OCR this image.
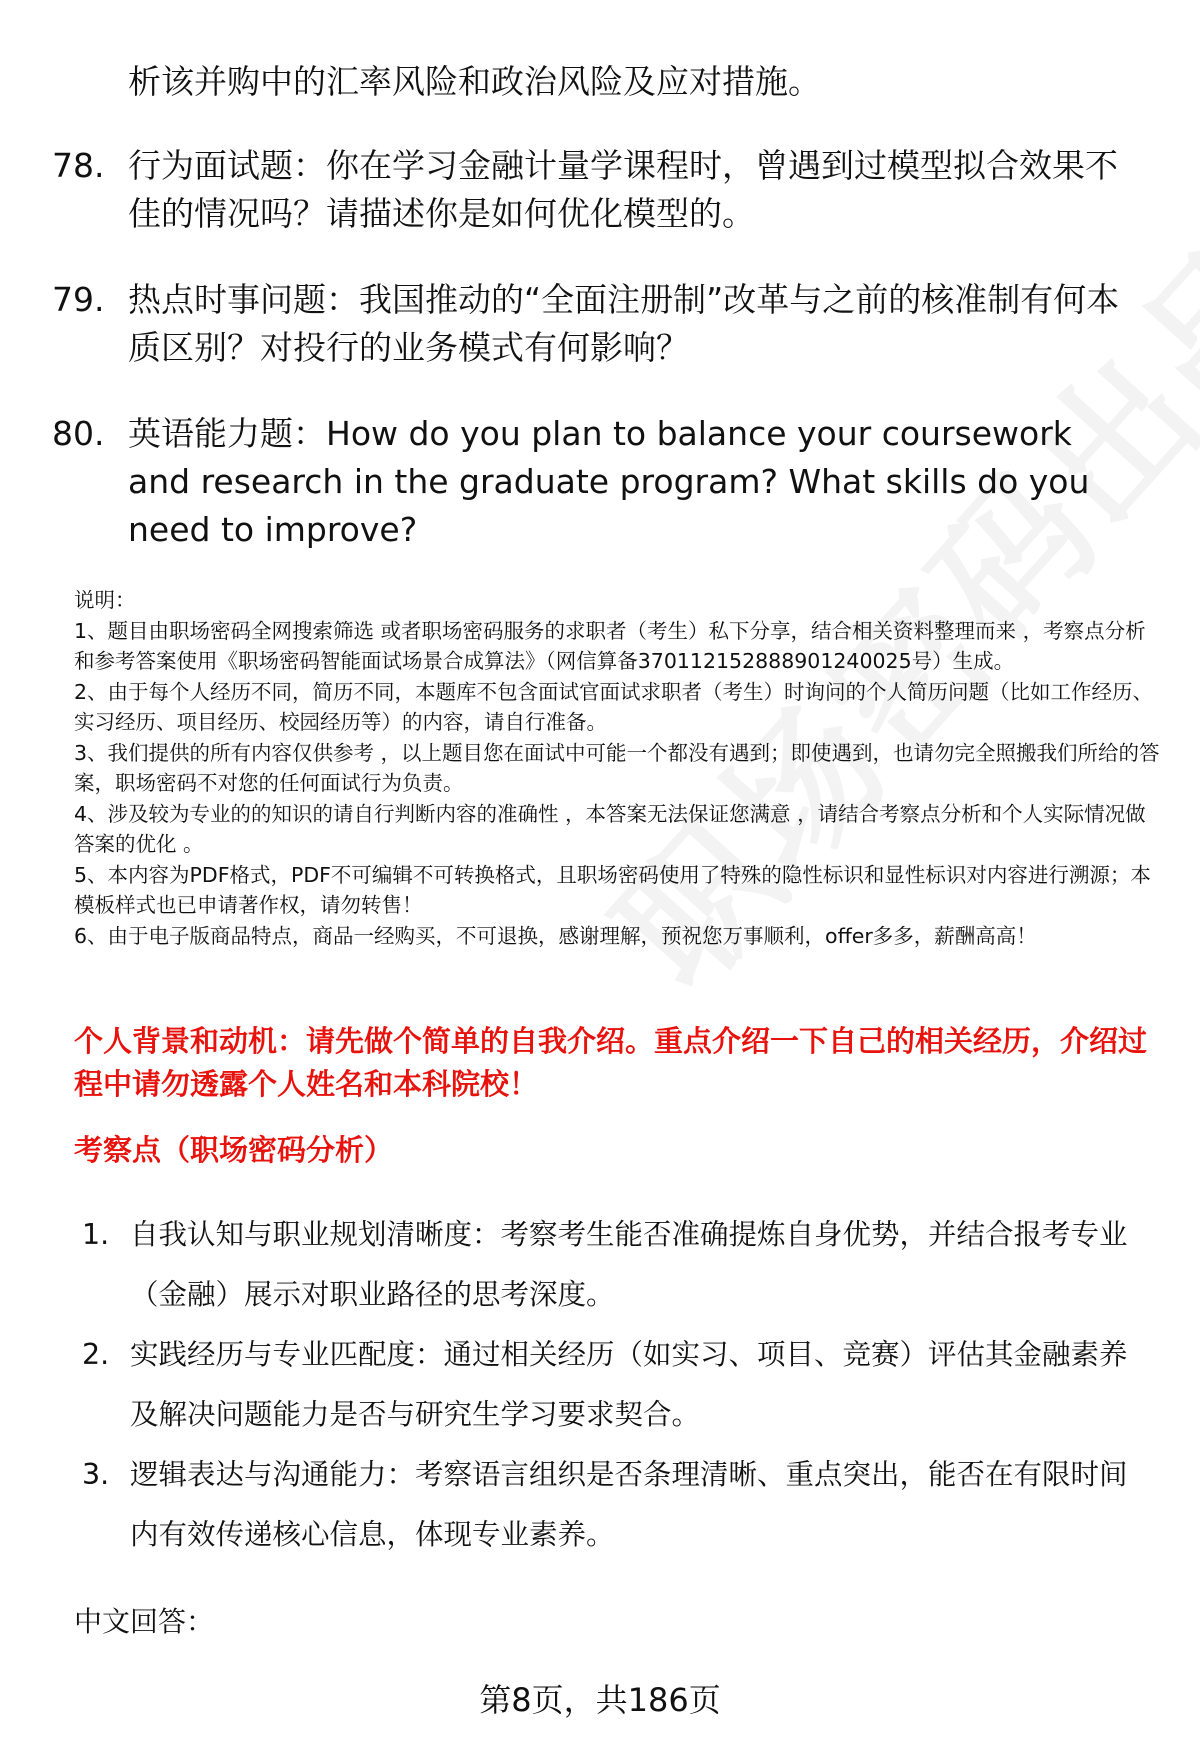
析该并购中的汇率风险和政治风险及应对措施。
78. 行为面试题：你在学习金融计量学课程时，曾遇到过模型拟合效果不佳的情况吗？请描述你是如何优化模型的。
79. 热点时事问题：我国推动的“全面注册制”改革与之前的核准制有何本质区别？对投行的业务模式有何影响？
80. 英语能力题：How do you plan to balance your coursework and research in the graduate program? What skills do you need to improve?

说明：

1、题目由职场密码全网搜索筛选 或者职场密码服务的求职者（考生）私下分享，结合相关资料整理而来 ，考察点分析和参考答案使用《职场密码智能面试场景合成算法》（网信算备370112152888901240025号）生成。

2、由于每个人经历不同，简历不同，本题库不包含面试官面试求职者（考生）时询问的个人简历问题（比如工作经历、实习经历、项目经历、校园经历等）的内容，请自行准备。

3、我们提供的所有内容仅供参考 ，以上题目您在面试中可能一个都没有遇到；即使遇到，也请勿完全照搬我们所给的答案，职场密码不对您的任何面试行为负责。

4、涉及较为专业的的知识的请自行判断内容的准确性 ，本答案无法保证您满意 ，请结合考察点分析和个人实际情况做答案的优化 。

5、本内容为PDF格式，PDF不可编辑不可转换格式，且职场密码使用了特殊的隐性标识和显性标识对内容进行溯源；本模板样式也已申请著作权，请勿转售！

6、由于电子版商品特点，商品一经购买，不可退换，感谢理解，预祝您万事顺利，offer多多，薪酬高高！

个人背景和动机：请先做个简单的自我介绍。重点介绍一下自己的相关经历，介绍过程中请勿透露个人姓名和本科院校！
考察点（职场密码分析）
1. 自我认知与职业规划清晰度：考察考生能否准确提炼自身优势，并结合报考专业（金融）展示对职业路径的思考深度。
2. 实践经历与专业匹配度：通过相关经历（如实习、项目、竞赛）评估其金融素养及解决问题能力是否与研究生学习要求契合。
3. 逻辑表达与沟通能力：考察语言组织是否条理清晰、重点突出，能否在有限时间内有效传递核心信息，体现专业素养。
中文回答：
第8页，共186页
